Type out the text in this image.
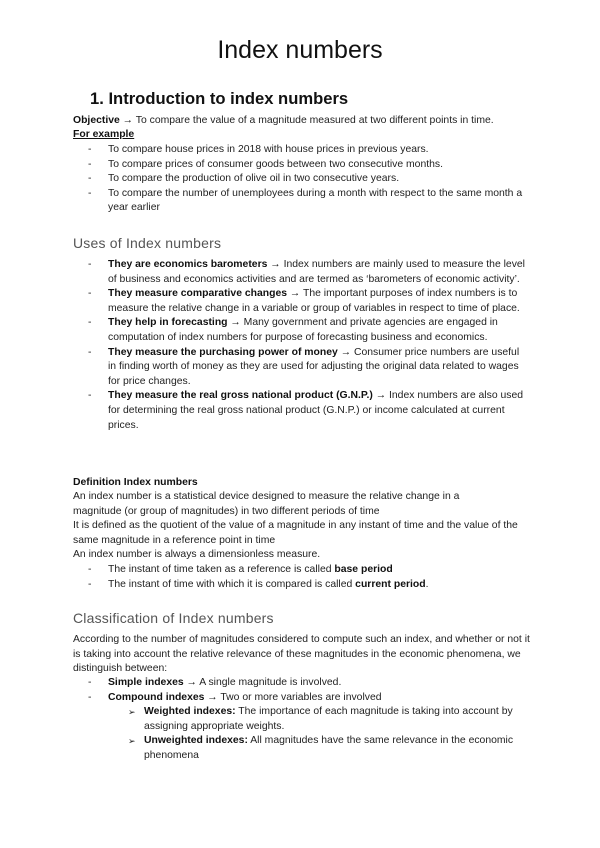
Index numbers
1. Introduction to index numbers
Objective → To compare the value of a magnitude measured at two different points in time.
For example
- To compare house prices in 2018 with house prices in previous years.
- To compare prices of consumer goods between two consecutive months.
- To compare the production of olive oil in two consecutive years.
- To compare the number of unemployees during a month with respect to the same month a year earlier
Uses of Index numbers
- They are economics barometers → Index numbers are mainly used to measure the level of business and economics activities and are termed as ‘barometers of economic activity’.
- They measure comparative changes → The important purposes of index numbers is to measure the relative change in a variable or group of variables in respect to time of place.
- They help in forecasting → Many government and private agencies are engaged in computation of index numbers for purpose of forecasting business and economics.
- They measure the purchasing power of money → Consumer price numbers are useful in finding worth of money as they are used for adjusting the original data related to wages for price changes.
- They measure the real gross national product (G.N.P.) → Index numbers are also used for determining the real gross national product (G.N.P.) or income calculated at current prices.
Definition Index numbers
An index number is a statistical device designed to measure the relative change in a magnitude (or group of magnitudes) in two different periods of time
It is defined as the quotient of the value of a magnitude in any instant of time and the value of the same magnitude in a reference point in time
An index number is always a dimensionless measure.
- The instant of time taken as a reference is called base period
- The instant of time with which it is compared is called current period.
Classification of Index numbers
According to the number of magnitudes considered to compute such an index, and whether or not it is taking into account the relative relevance of these magnitudes in the economic phenomena, we distinguish between:
- Simple indexes → A single magnitude is involved.
- Compound indexes → Two or more variables are involved
➢ Weighted indexes: The importance of each magnitude is taking into account by assigning appropriate weights.
➢ Unweighted indexes: All magnitudes have the same relevance in the economic phenomena
